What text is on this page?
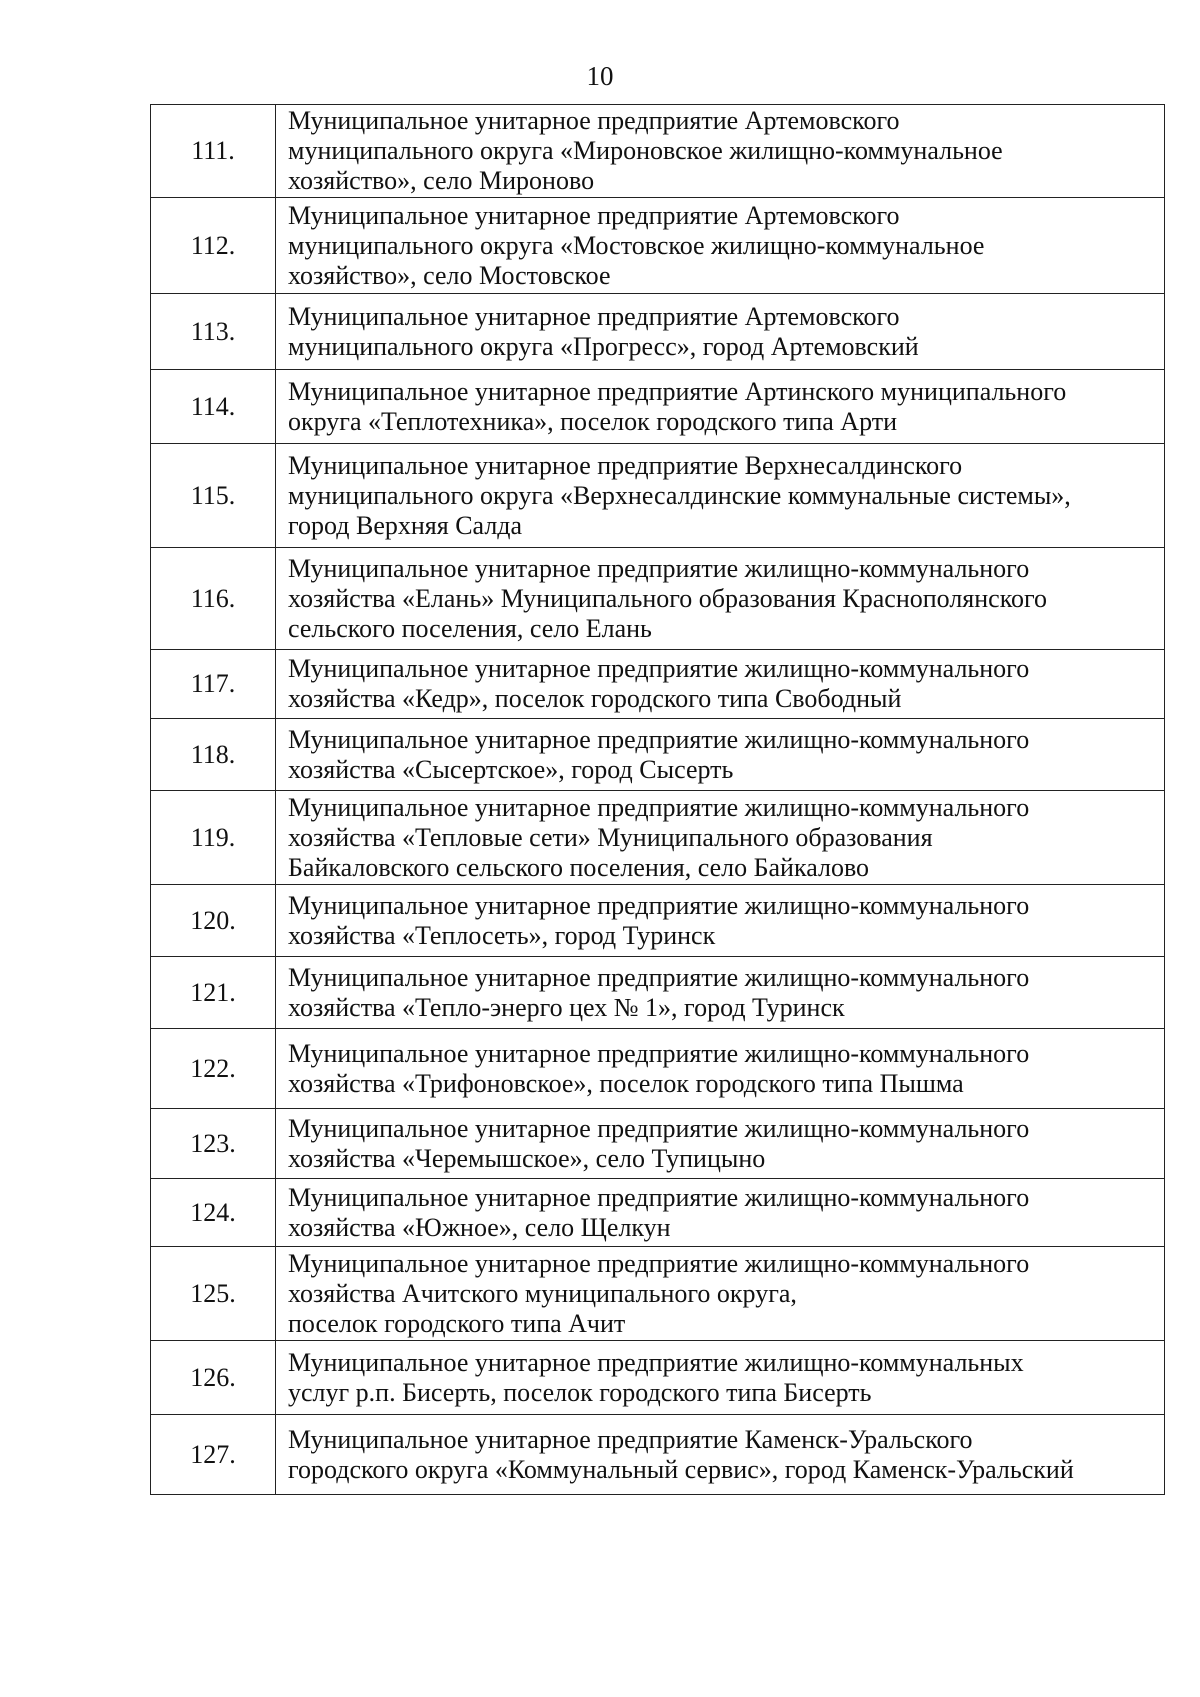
10
111.	Муниципальное унитарное предприятие Артемовского
муниципального округа «Мироновское жилищно-коммунальное
хозяйство», село Мироново
112.	Муниципальное унитарное предприятие Артемовского
муниципального округа «Мостовское жилищно-коммунальное
хозяйство», село Мостовское
113.	Муниципальное унитарное предприятие Артемовского
муниципального округа «Прогресс», город Артемовский
114.	Муниципальное унитарное предприятие Артинского муниципального
округа «Теплотехника», поселок городского типа Арти
115.	Муниципальное унитарное предприятие Верхнесалдинского
муниципального округа «Верхнесалдинские коммунальные системы»,
город Верхняя Салда
116.	Муниципальное унитарное предприятие жилищно-коммунального
хозяйства «Елань» Муниципального образования Краснополянского
сельского поселения, село Елань
117.	Муниципальное унитарное предприятие жилищно-коммунального
хозяйства «Кедр», поселок городского типа Свободный
118.	Муниципальное унитарное предприятие жилищно-коммунального
хозяйства «Сысертское», город Сысерть
119.	Муниципальное унитарное предприятие жилищно-коммунального
хозяйства «Тепловые сети» Муниципального образования
Байкаловского сельского поселения, село Байкалово
120.	Муниципальное унитарное предприятие жилищно-коммунального
хозяйства «Теплосеть», город Туринск
121.	Муниципальное унитарное предприятие жилищно-коммунального
хозяйства «Тепло-энерго цех № 1», город Туринск
122.	Муниципальное унитарное предприятие жилищно-коммунального
хозяйства «Трифоновское», поселок городского типа Пышма
123.	Муниципальное унитарное предприятие жилищно-коммунального
хозяйства «Черемышское», село Тупицыно
124.	Муниципальное унитарное предприятие жилищно-коммунального
хозяйства «Южное», село Щелкун
125.	Муниципальное унитарное предприятие жилищно-коммунального
хозяйства Ачитского муниципального округа,
поселок городского типа Ачит
126.	Муниципальное унитарное предприятие жилищно-коммунальных
услуг р.п. Бисерть, поселок городского типа Бисерть
127.	Муниципальное унитарное предприятие Каменск-Уральского
городского округа «Коммунальный сервис», город Каменск-Уральский
